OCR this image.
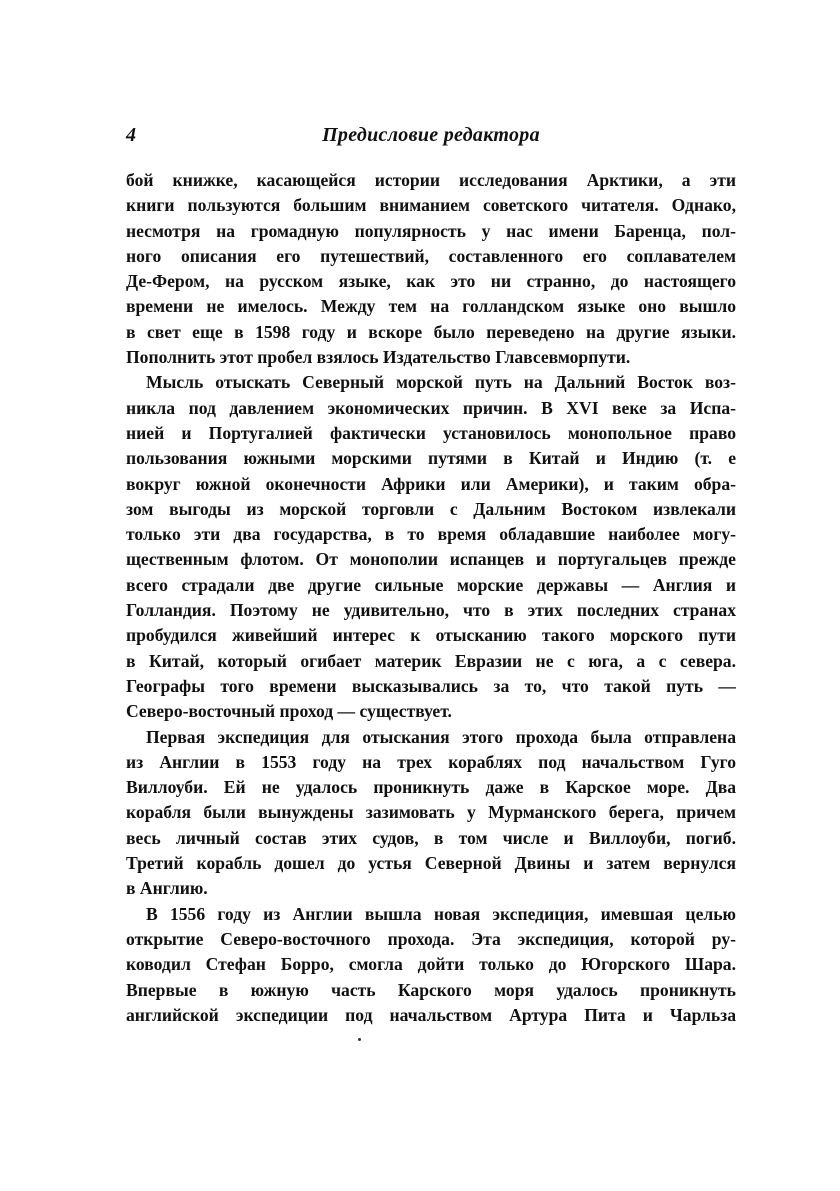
4	Предисловие редактора
бой книжке, касающейся истории исследования Арктики, а эти
книги пользуются большим вниманием советского читателя. Однако,
несмотря на громадную популярность у нас имени Баренца, пол-
ного описания его путешествий, составленного его соплавателем
Де-Фером, на русском языке, как это ни странно, до настоящего
времени не имелось. Между тем на голландском языке оно вышло
в свет еще в 1598 году и вскоре было переведено на другие языки.
Пополнить этот пробел взялось Издательство Главсевморпути.
Мысль отыскать Северный морской путь на Дальний Восток воз-
никла под давлением экономических причин. В XVI веке за Испа-
нией и Португалией фактически установилось монопольное право
пользования южными морскими путями в Китай и Индию (т. е
вокруг южной оконечности Африки или Америки), и таким обра-
зом выгоды из морской торговли с Дальним Востоком извлекали
только эти два государства, в то время обладавшие наиболее могу-
щественным флотом. От монополии испанцев и португальцев прежде
всего страдали две другие сильные морские державы — Англия и
Голландия. Поэтому не удивительно, что в этих последних странах
пробудился живейший интерес к отысканию такого морского пути
в Китай, который огибает материк Евразии не с юга, а с севера.
Географы того времени высказывались за то, что такой путь —
Северо-восточный проход — существует.
Первая экспедиция для отыскания этого прохода была отправлена
из Англии в 1553 году на трех кораблях под начальством Гуго
Виллоуби. Ей не удалось проникнуть даже в Карское море. Два
корабля были вынуждены зазимовать у Мурманского берега, причем
весь личный состав этих судов, в том числе и Виллоуби, погиб.
Третий корабль дошел до устья Северной Двины и затем вернулся
в Англию.
В 1556 году из Англии вышла новая экспедиция, имевшая целью
открытие Северо-восточного прохода. Эта экспедиция, которой ру-
ководил Стефан Борро, смогла дойти только до Югорского Шара.
Впервые в южную часть Карского моря удалось проникнуть
английской экспедиции под начальством Артура Пита и Чарльза
